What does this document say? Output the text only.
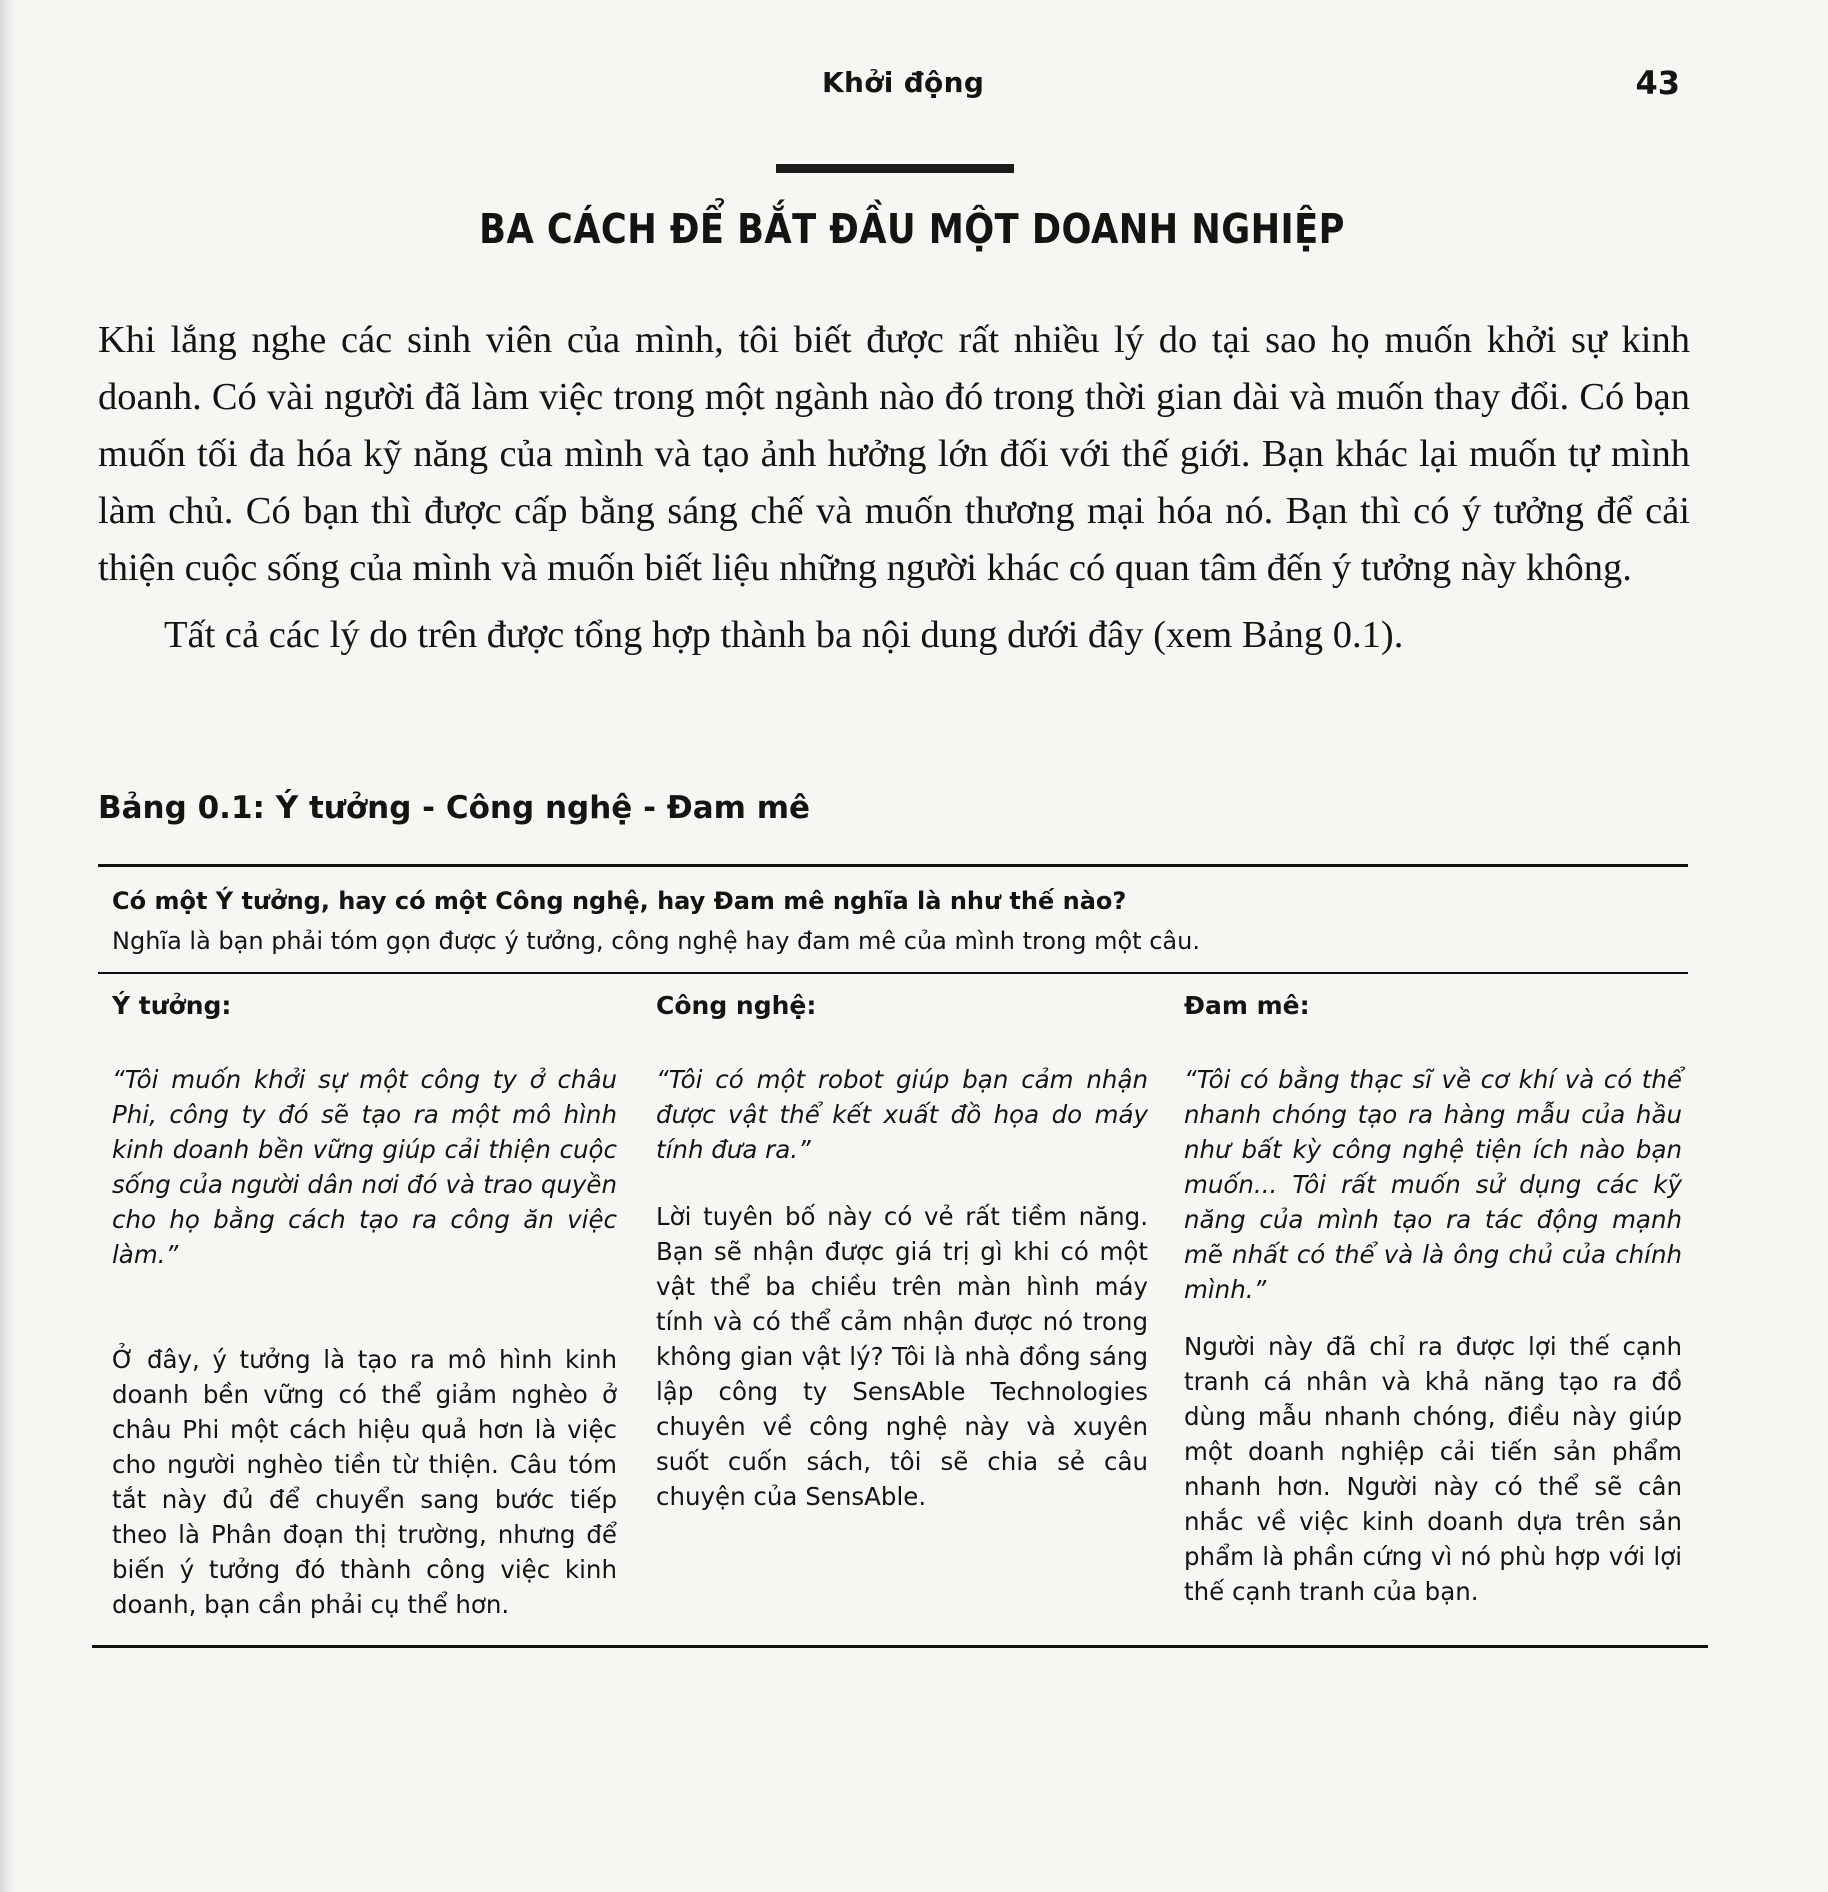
Khởi động	43
BA CÁCH ĐỂ BẮT ĐẦU MỘT DOANH NGHIỆP

Khi lắng nghe các sinh viên của mình, tôi biết được rất nhiều lý do tại sao họ muốn khởi sự kinh doanh. Có vài người đã làm việc trong một ngành nào đó trong thời gian dài và muốn thay đổi. Có bạn muốn tối đa hóa kỹ năng của mình và tạo ảnh hưởng lớn đối với thế giới. Bạn khác lại muốn tự mình làm chủ. Có bạn thì được cấp bằng sáng chế và muốn thương mại hóa nó. Bạn thì có ý tưởng để cải thiện cuộc sống của mình và muốn biết liệu những người khác có quan tâm đến ý tưởng này không.

Tất cả các lý do trên được tổng hợp thành ba nội dung dưới đây (xem Bảng 0.1).

Bảng 0.1: Ý tưởng - Công nghệ - Đam mê
Có một Ý tưởng, hay có một Công nghệ, hay Đam mê nghĩa là như thế nào?
Nghĩa là bạn phải tóm gọn được ý tưởng, công nghệ hay đam mê của mình trong một câu.
Ý tưởng:
“Tôi muốn khởi sự một công ty ở châu Phi, công ty đó sẽ tạo ra một mô hình kinh doanh bền vững giúp cải thiện cuộc sống của người dân nơi đó và trao quyền cho họ bằng cách tạo ra công ăn việc làm.”
Ở đây, ý tưởng là tạo ra mô hình kinh doanh bền vững có thể giảm nghèo ở châu Phi một cách hiệu quả hơn là việc cho người nghèo tiền từ thiện. Câu tóm tắt này đủ để chuyển sang bước tiếp theo là Phân đoạn thị trường, nhưng để biến ý tưởng đó thành công việc kinh doanh, bạn cần phải cụ thể hơn.
Công nghệ:
“Tôi có một robot giúp bạn cảm nhận được vật thể kết xuất đồ họa do máy tính đưa ra.”
Lời tuyên bố này có vẻ rất tiềm năng. Bạn sẽ nhận được giá trị gì khi có một vật thể ba chiều trên màn hình máy tính và có thể cảm nhận được nó trong không gian vật lý? Tôi là nhà đồng sáng lập công ty SensAble Technologies chuyên về công nghệ này và xuyên suốt cuốn sách, tôi sẽ chia sẻ câu chuyện của SensAble.
Đam mê:
“Tôi có bằng thạc sĩ về cơ khí và có thể nhanh chóng tạo ra hàng mẫu của hầu như bất kỳ công nghệ tiện ích nào bạn muốn... Tôi rất muốn sử dụng các kỹ năng của mình tạo ra tác động mạnh mẽ nhất có thể và là ông chủ của chính mình.”
Người này đã chỉ ra được lợi thế cạnh tranh cá nhân và khả năng tạo ra đồ dùng mẫu nhanh chóng, điều này giúp một doanh nghiệp cải tiến sản phẩm nhanh hơn. Người này có thể sẽ cân nhắc về việc kinh doanh dựa trên sản phẩm là phần cứng vì nó phù hợp với lợi thế cạnh tranh của bạn.
